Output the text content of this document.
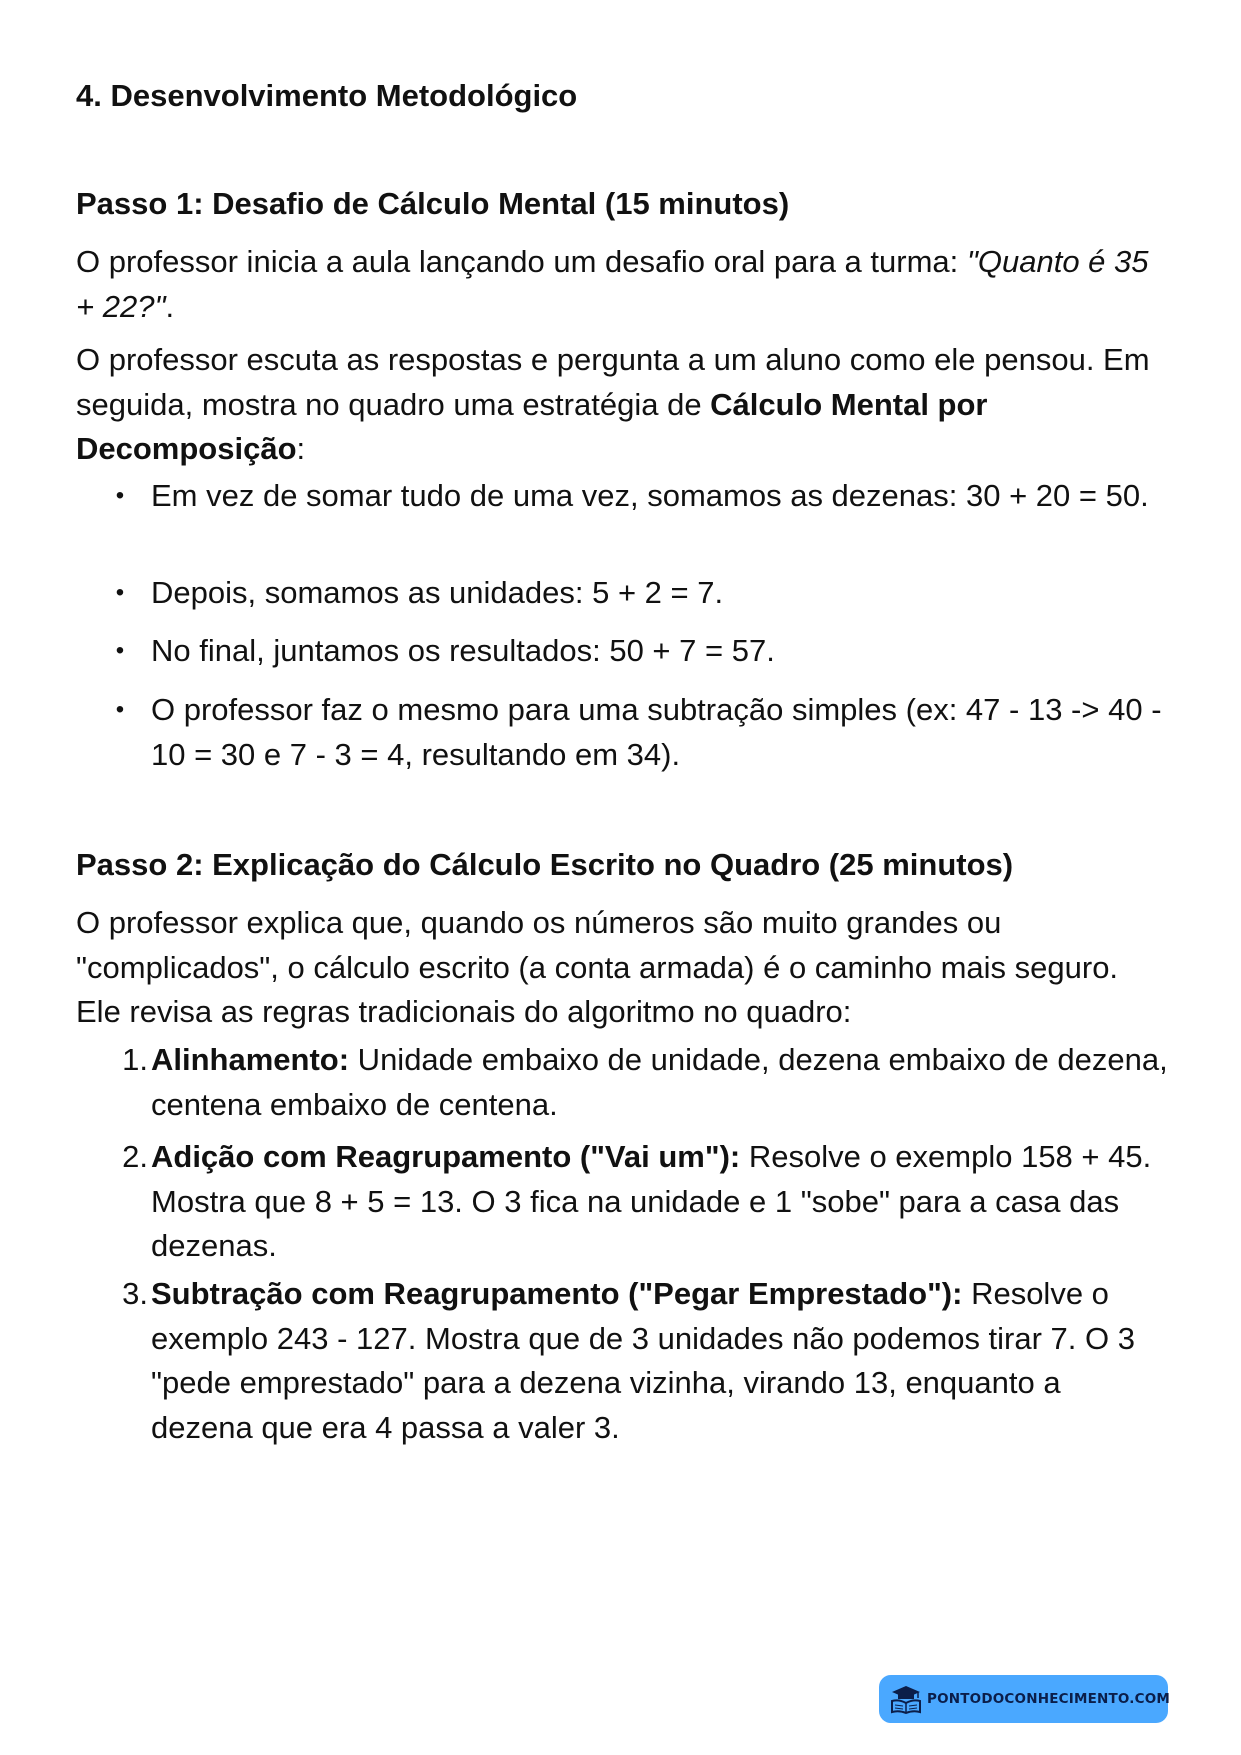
4. Desenvolvimento Metodológico
Passo 1: Desafio de Cálculo Mental (15 minutos)

O professor inicia a aula lançando um desafio oral para a turma: "Quanto é 35 + 22?".

O professor escuta as respostas e pergunta a um aluno como ele pensou. Em seguida, mostra no quadro uma estratégia de Cálculo Mental por Decomposição:

• Em vez de somar tudo de uma vez, somamos as dezenas: 30 + 20 = 50.
• Depois, somamos as unidades: 5 + 2 = 7.
• No final, juntamos os resultados: 50 + 7 = 57.
• O professor faz o mesmo para uma subtração simples (ex: 47 - 13 -> 40 - 10 = 30 e 7 - 3 = 4, resultando em 34).
Passo 2: Explicação do Cálculo Escrito no Quadro (25 minutos)

O professor explica que, quando os números são muito grandes ou "complicados", o cálculo escrito (a conta armada) é o caminho mais seguro. Ele revisa as regras tradicionais do algoritmo no quadro:

1. Alinhamento: Unidade embaixo de unidade, dezena embaixo de dezena, centena embaixo de centena.
2. Adição com Reagrupamento ("Vai um"): Resolve o exemplo 158 + 45. Mostra que 8 + 5 = 13. O 3 fica na unidade e 1 "sobe" para a casa das dezenas.
3. Subtração com Reagrupamento ("Pegar Emprestado"): Resolve o exemplo 243 - 127. Mostra que de 3 unidades não podemos tirar 7. O 3 "pede emprestado" para a dezena vizinha, virando 13, enquanto a dezena que era 4 passa a valer 3.
PONTODOCONHECIMENTO.COM
